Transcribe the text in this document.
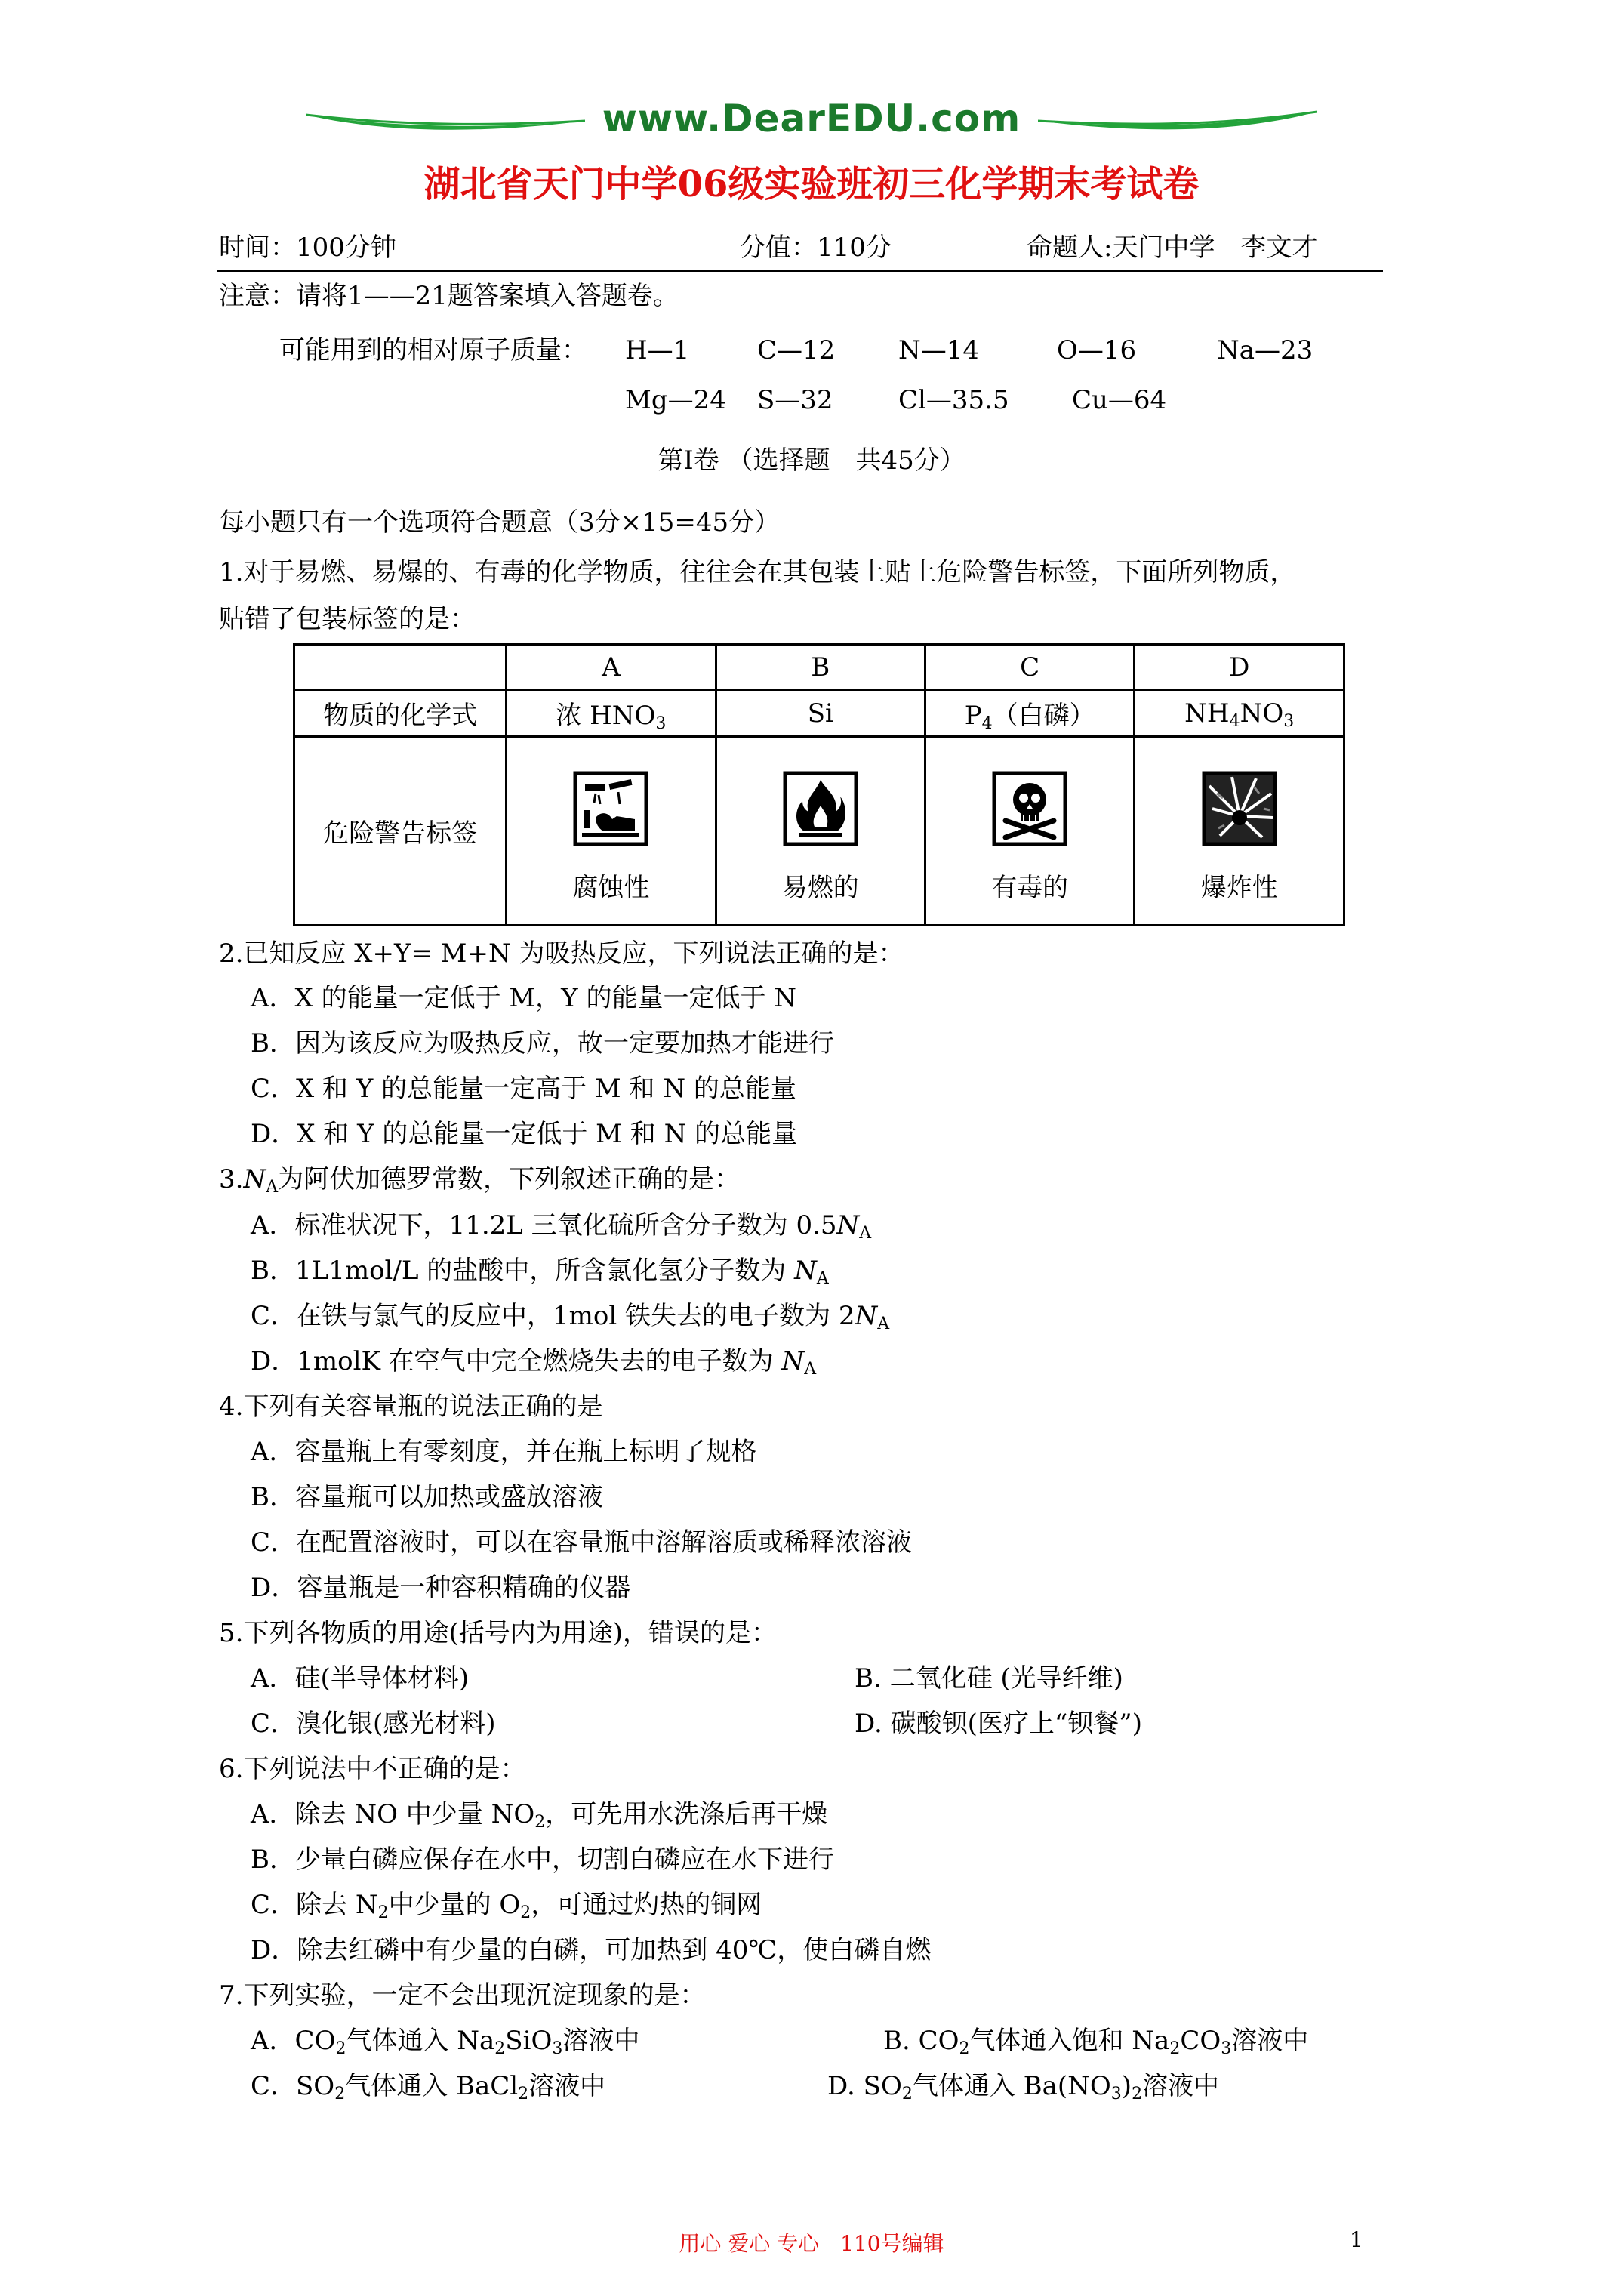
www.DearEDU.com
湖北省天门中学06级实验班初三化学期末考试卷
时间：100分钟	分值：110分	命题人:天门中学　李文才
注意：请将1——21题答案填入答题卷。
可能用到的相对原子质量： H—1	C—12 N—14	O—16	Na—23
Mg—24 S—32	Cl—35.5 Cu—64
第Ⅰ卷 （选择题　共45分）
每小题只有一个选项符合题意（3分×15=45分）
1.对于易燃、易爆的、有毒的化学物质，往往会在其包装上贴上危险警告标签，下面所列物质，
贴错了包装标签的是：
	A	B	C	D
物质的化学式	浓 $HNO_3$	Si	$P_4$（白磷）	$NH_4NO_3$
危险警告标签	腐蚀性	易燃的	有毒的	爆炸性
2.已知反应 X+Y= M+N 为吸热反应，下列说法正确的是：
A．X 的能量一定低于 M，Y 的能量一定低于 N
B．因为该反应为吸热反应，故一定要加热才能进行
C．X 和 Y 的总能量一定高于 M 和 N 的总能量
D．X 和 Y 的总能量一定低于 M 和 N 的总能量
$3.N_A$为阿伏加德罗常数，下列叙述正确的是：
A．标准状况下，11.2L 三氧化硫所含分子数为 $0.5N_A$
B．1L1mol/L 的盐酸中，所含氯化氢分子数为 $N_A$
C．在铁与氯气的反应中，1mol 铁失去的电子数为 $2N_A$
D．1molK 在空气中完全燃烧失去的电子数为 $N_A$
4.下列有关容量瓶的说法正确的是
A．容量瓶上有零刻度，并在瓶上标明了规格
B．容量瓶可以加热或盛放溶液
C．在配置溶液时，可以在容量瓶中溶解溶质或稀释浓溶液
D．容量瓶是一种容积精确的仪器
5.下列各物质的用途(括号内为用途)，错误的是：
A．硅(半导体材料)	B. 二氧化硅 (光导纤维)
C．溴化银(感光材料)	D. 碳酸钡(医疗上“钡餐”)
6.下列说法中不正确的是：
A．除去 NO 中少量 $NO_2$，可先用水洗涤后再干燥
B．少量白磷应保存在水中，切割白磷应在水下进行
C．除去 $N_2$中少量的 $O_2$，可通过灼热的铜网
D．除去红磷中有少量的白磷，可加热到 40℃，使白磷自燃
7.下列实验，一定不会出现沉淀现象的是：
A．$CO_2$气体通入 $Na_2SiO_3$溶液中	B. $CO_2$气体通入饱和 $Na_2CO_3$溶液中
C．$SO_2$气体通入 BaCl$_2$溶液中	D. $SO_2$气体通入 $Ba(NO_3)_2$溶液中
用心 爱心 专心　110号编辑	1
